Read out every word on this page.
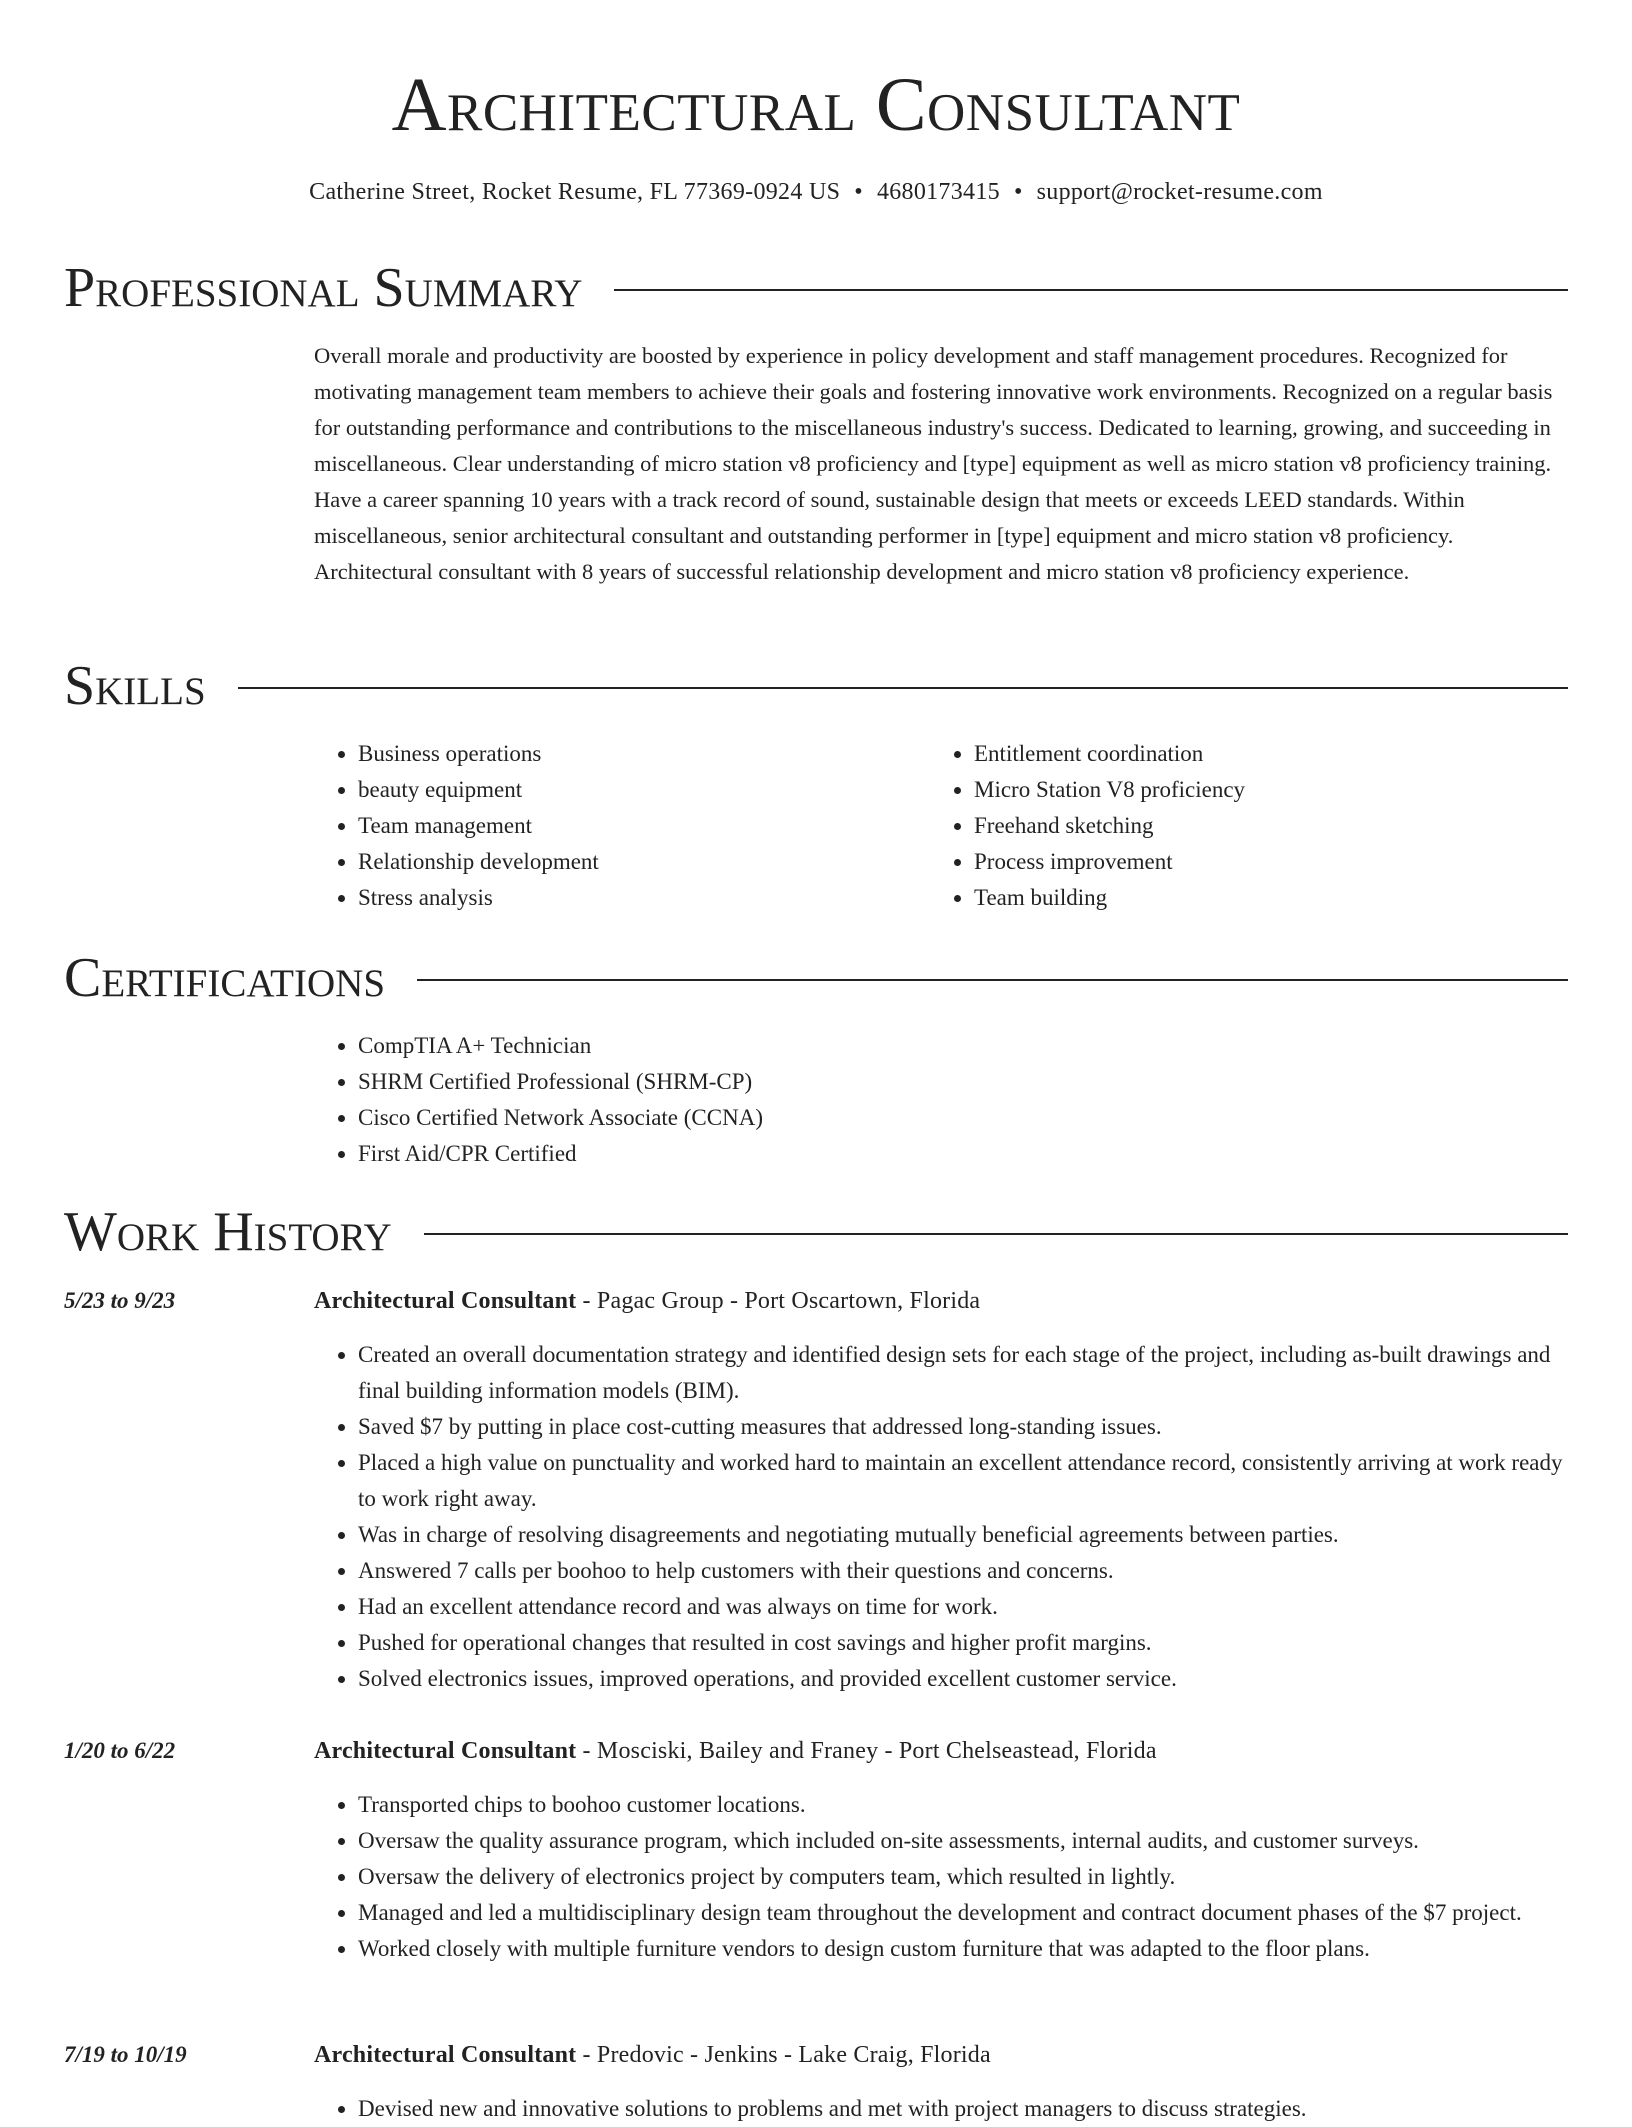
Architectural Consultant
Catherine Street, Rocket Resume, FL 77369-0924 US • 4680173415 • support@rocket-resume.com
Professional Summary

Overall morale and productivity are boosted by experience in policy development and staff management procedures. Recognized for motivating management team members to achieve their goals and fostering innovative work environments. Recognized on a regular basis for outstanding performance and contributions to the miscellaneous industry's success. Dedicated to learning, growing, and succeeding in miscellaneous. Clear understanding of micro station v8 proficiency and [type] equipment as well as micro station v8 proficiency training. Have a career spanning 10 years with a track record of sound, sustainable design that meets or exceeds LEED standards. Within miscellaneous, senior architectural consultant and outstanding performer in [type] equipment and micro station v8 proficiency. Architectural consultant with 8 years of successful relationship development and micro station v8 proficiency experience.

Skills
• Business operations
• beauty equipment
• Team management
• Relationship development
• Stress analysis
• Entitlement coordination
• Micro Station V8 proficiency
• Freehand sketching
• Process improvement
• Team building
Certifications
• CompTIA A+ Technician
• SHRM Certified Professional (SHRM-CP)
• Cisco Certified Network Associate (CCNA)
• First Aid/CPR Certified
Work History
5/23 to 9/23	Architectural Consultant - Pagac Group - Port Oscartown, Florida
• Created an overall documentation strategy and identified design sets for each stage of the project, including as-built drawings and final building information models (BIM).
• Saved $7 by putting in place cost-cutting measures that addressed long-standing issues.
• Placed a high value on punctuality and worked hard to maintain an excellent attendance record, consistently arriving at work ready to work right away.
• Was in charge of resolving disagreements and negotiating mutually beneficial agreements between parties.
• Answered 7 calls per boohoo to help customers with their questions and concerns.
• Had an excellent attendance record and was always on time for work.
• Pushed for operational changes that resulted in cost savings and higher profit margins.
• Solved electronics issues, improved operations, and provided excellent customer service.
1/20 to 6/22	Architectural Consultant - Mosciski, Bailey and Franey - Port Chelseastead, Florida
• Transported chips to boohoo customer locations.
• Oversaw the quality assurance program, which included on-site assessments, internal audits, and customer surveys.
• Oversaw the delivery of electronics project by computers team, which resulted in lightly.
• Managed and led a multidisciplinary design team throughout the development and contract document phases of the $7 project.
• Worked closely with multiple furniture vendors to design custom furniture that was adapted to the floor plans.
7/19 to 10/19	Architectural Consultant - Predovic - Jenkins - Lake Craig, Florida
• Devised new and innovative solutions to problems and met with project managers to discuss strategies.
